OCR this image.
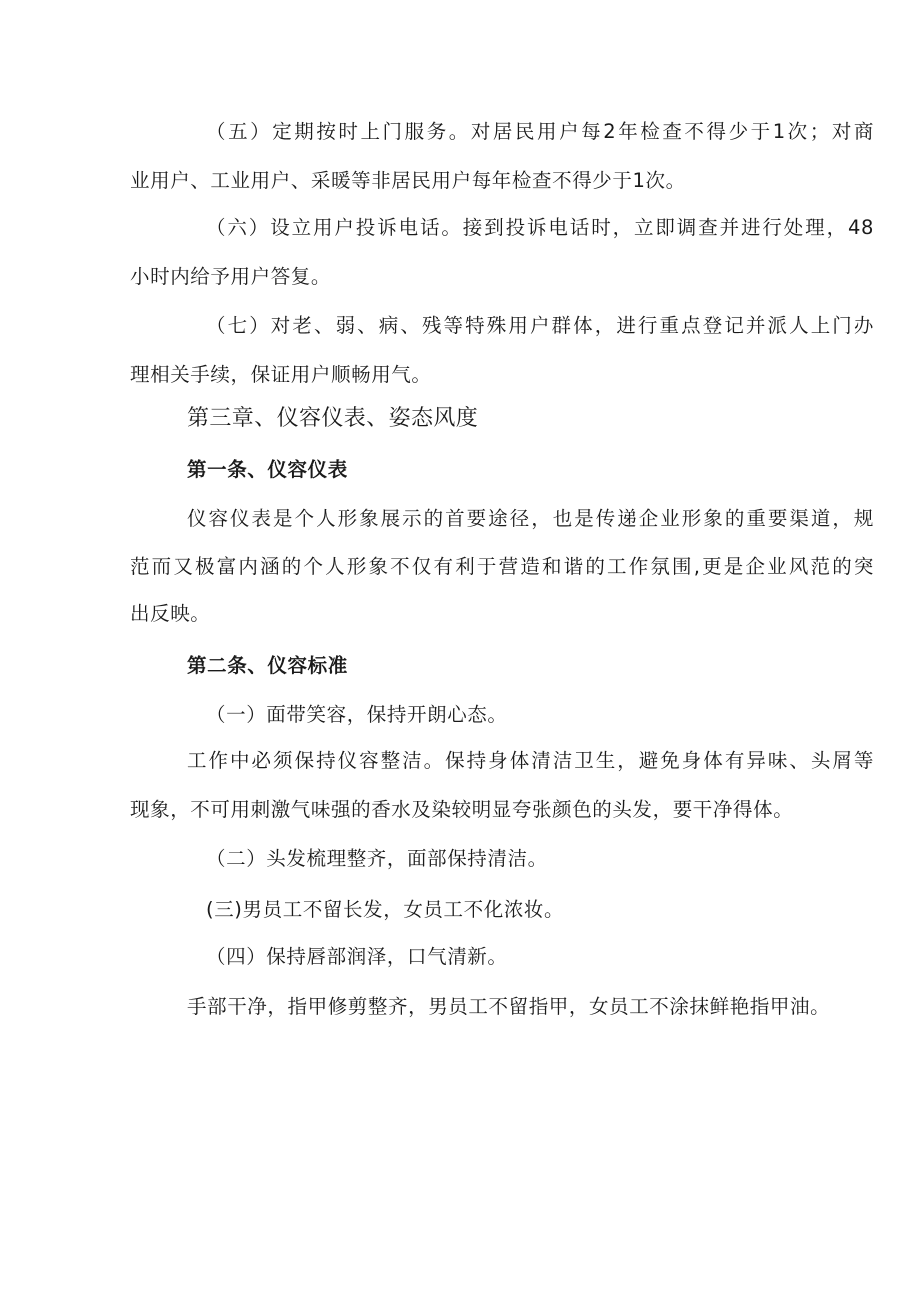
（五）定期按时上门服务。对居民用户每2年检查不得少于1次；对商
业用户、工业用户、采暖等非居民用户每年检查不得少于1次。
（六）设立用户投诉电话。接到投诉电话时，立即调查并进行处理，48
小时内给予用户答复。
（七）对老、弱、病、残等特殊用户群体，进行重点登记并派人上门办
理相关手续，保证用户顺畅用气。
第三章、仪容仪表、姿态风度
第一条、仪容仪表
仪容仪表是个人形象展示的首要途径，也是传递企业形象的重要渠道，规
范而又极富内涵的个人形象不仅有利于营造和谐的工作氛围,更是企业风范的突
出反映。
第二条、仪容标准
（一）面带笑容，保持开朗心态。
工作中必须保持仪容整洁。保持身体清洁卫生，避免身体有异味、头屑等
现象，不可用刺激气味强的香水及染较明显夸张颜色的头发，要干净得体。
（二）头发梳理整齐，面部保持清洁。
(三)男员工不留长发，女员工不化浓妆。
（四）保持唇部润泽，口气清新。
手部干净，指甲修剪整齐，男员工不留指甲，女员工不涂抹鲜艳指甲油。
